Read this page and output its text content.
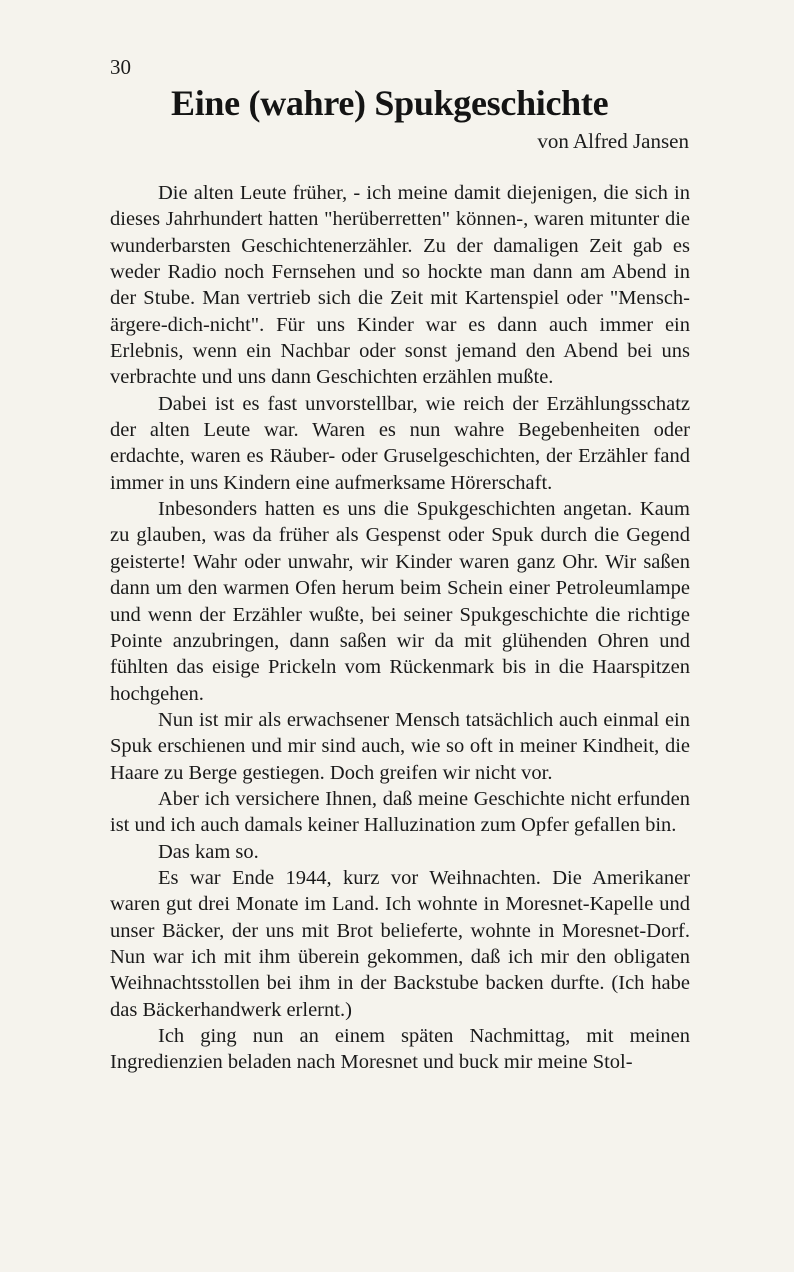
30
Eine (wahre) Spukgeschichte
von Alfred Jansen

Die alten Leute früher, - ich meine damit diejenigen, die sich in dieses Jahrhundert hatten "herüberretten" können-, waren mitunter die wunderbarsten Geschichtenerzähler. Zu der damaligen Zeit gab es weder Radio noch Fernsehen und so hockte man dann am Abend in der Stube. Man vertrieb sich die Zeit mit Kartenspiel oder "Mensch-ärgere-dich-nicht". Für uns Kinder war es dann auch immer ein Erlebnis, wenn ein Nachbar oder sonst jemand den Abend bei uns verbrachte und uns dann Geschichten erzählen mußte.

Dabei ist es fast unvorstellbar, wie reich der Erzählungsschatz der alten Leute war. Waren es nun wahre Begebenheiten oder erdachte, waren es Räuber- oder Gruselgeschichten, der Erzähler fand immer in uns Kindern eine aufmerksame Hörerschaft.

Inbesonders hatten es uns die Spukgeschichten angetan. Kaum zu glauben, was da früher als Gespenst oder Spuk durch die Gegend geisterte! Wahr oder unwahr, wir Kinder waren ganz Ohr. Wir saßen dann um den warmen Ofen herum beim Schein einer Petroleumlampe und wenn der Erzähler wußte, bei seiner Spukgeschichte die richtige Pointe anzubringen, dann saßen wir da mit glühenden Ohren und fühlten das eisige Prickeln vom Rückenmark bis in die Haarspitzen hochgehen.

Nun ist mir als erwachsener Mensch tatsächlich auch einmal ein Spuk erschienen und mir sind auch, wie so oft in meiner Kindheit, die Haare zu Berge gestiegen. Doch greifen wir nicht vor.

Aber ich versichere Ihnen, daß meine Geschichte nicht erfunden ist und ich auch damals keiner Halluzination zum Opfer gefallen bin.

Das kam so.

Es war Ende 1944, kurz vor Weihnachten. Die Amerikaner waren gut drei Monate im Land. Ich wohnte in Moresnet-Kapelle und unser Bäcker, der uns mit Brot belieferte, wohnte in Moresnet-Dorf. Nun war ich mit ihm überein gekommen, daß ich mir den obligaten Weihnachtsstollen bei ihm in der Backstube backen durfte. (Ich habe das Bäckerhandwerk erlernt.)

Ich ging nun an einem späten Nachmittag, mit meinen Ingredienzien beladen nach Moresnet und buck mir meine Stol-
